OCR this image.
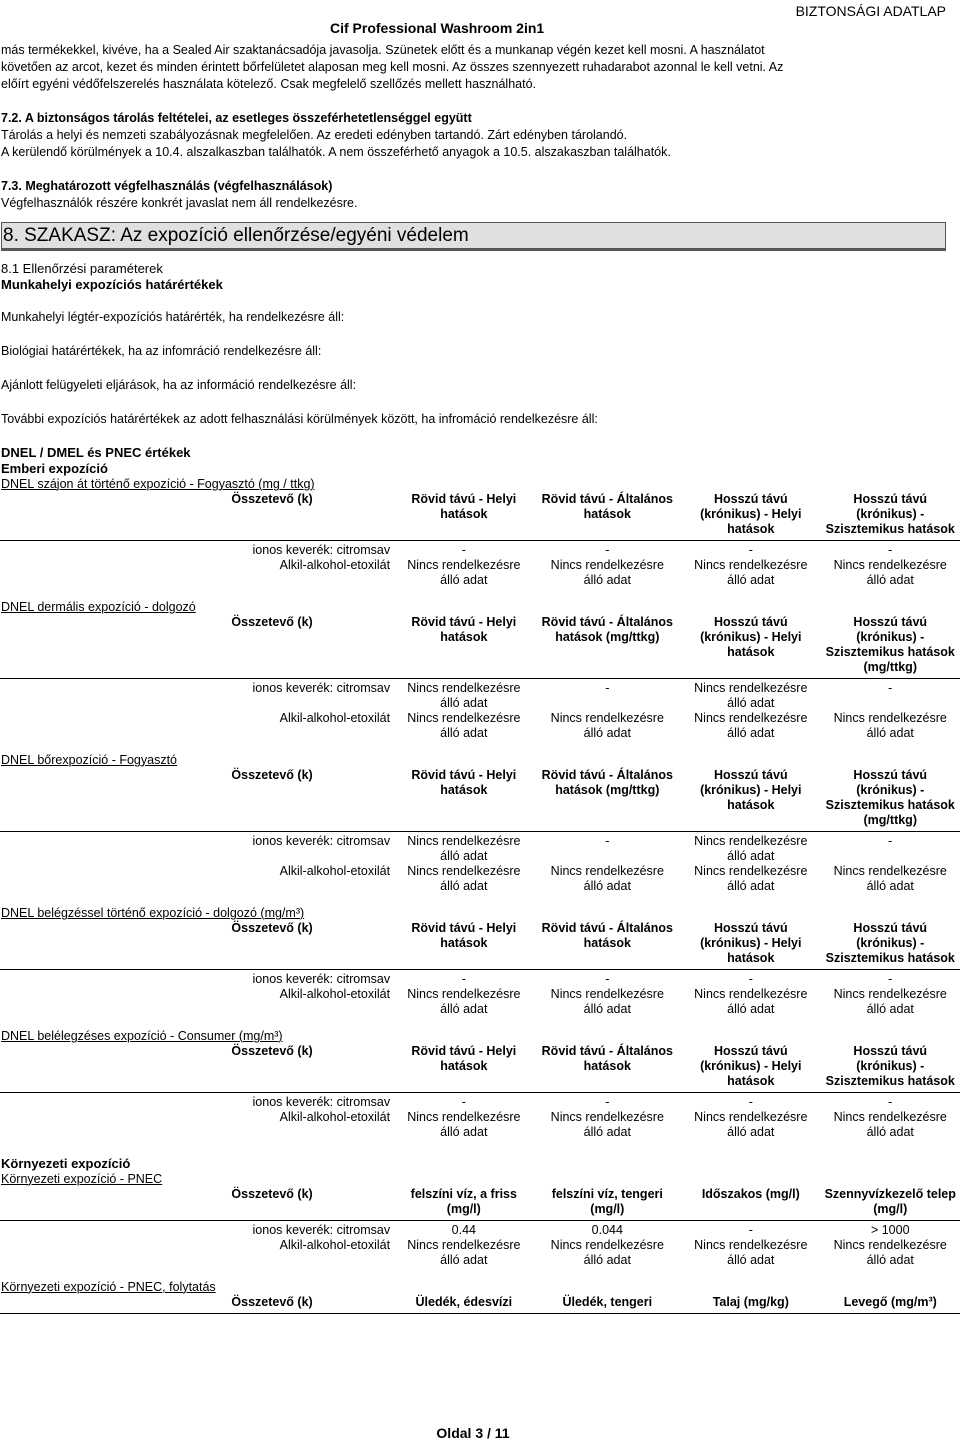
Cif Professional Washroom 2in1
BIZTONSÁGI ADATLAP
más termékekkel, kivéve, ha a Sealed Air szaktanácsadója javasolja. Szünetek előtt és a munkanap végén kezet kell mosni. A használatot
követően az arcot, kezet és minden érintett bőrfelületet alaposan meg kell mosni. Az összes szennyezett ruhadarabot azonnal le kell vetni. Az
előírt egyéni védőfelszerelés használata kötelező. Csak megfelelő szellőzés mellett használható.
7.2. A biztonságos tárolás feltételei, az esetleges összeférhetetlenséggel együtt
Tárolás a helyi és nemzeti szabályozásnak megfelelően. Az eredeti edényben tartandó. Zárt edényben tárolandó.
A kerülendő körülmények a 10.4. alszalkaszban találhatók. A nem összeférhető anyagok a 10.5. alszakaszban találhatók.
7.3. Meghatározott végfelhasználás (végfelhasználások)
Végfelhasználók részére konkrét javaslat nem áll rendelkezésre.
8. SZAKASZ: Az expozíció ellenőrzése/egyéni védelem
8.1 Ellenőrzési paraméterek
Munkahelyi expozíciós határértékek
Munkahelyi légtér-expozíciós határérték, ha rendelkezésre áll:
Biológiai határértékek, ha az infomráció rendelkezésre áll:
Ajánlott felügyeleti eljárások, ha az információ rendelkezésre áll:
További expozíciós határértékek az adott felhasználási körülmények között, ha infromáció rendelkezésre áll:
DNEL / DMEL és PNEC értékek
Emberi expozíció
DNEL szájon át történő expozíció - Fogyasztó (mg / ttkg)
Összetevő (k)	Rövid távú - Helyi
hatások	Rövid távú - Általános
hatások	Hosszú távú
(krónikus) - Helyi
hatások	Hosszú távú
(krónikus) -
Szisztemikus hatások
ionos keverék: citromsav	-	-	-	-
Alkil-alkohol-etoxilát	Nincs rendelkezésre
álló adat	Nincs rendelkezésre
álló adat	Nincs rendelkezésre
álló adat	Nincs rendelkezésre
álló adat
DNEL dermális expozíció - dolgozó
Összetevő (k)	Rövid távú - Helyi
hatások	Rövid távú - Általános
hatások (mg/ttkg)	Hosszú távú
(krónikus) - Helyi
hatások	Hosszú távú
(krónikus) -
Szisztemikus hatások
(mg/ttkg)
ionos keverék: citromsav	Nincs rendelkezésre
álló adat	-	Nincs rendelkezésre
álló adat	-
Alkil-alkohol-etoxilát	Nincs rendelkezésre
álló adat	Nincs rendelkezésre
álló adat	Nincs rendelkezésre
álló adat	Nincs rendelkezésre
álló adat
DNEL bőrexpozíció - Fogyasztó
Összetevő (k)	Rövid távú - Helyi
hatások	Rövid távú - Általános
hatások (mg/ttkg)	Hosszú távú
(krónikus) - Helyi
hatások	Hosszú távú
(krónikus) -
Szisztemikus hatások
(mg/ttkg)
ionos keverék: citromsav	Nincs rendelkezésre
álló adat	-	Nincs rendelkezésre
álló adat	-
Alkil-alkohol-etoxilát	Nincs rendelkezésre
álló adat	Nincs rendelkezésre
álló adat	Nincs rendelkezésre
álló adat	Nincs rendelkezésre
álló adat
DNEL belégzéssel történő expozíció - dolgozó (mg/m³)
Összetevő (k)	Rövid távú - Helyi
hatások	Rövid távú - Általános
hatások	Hosszú távú
(krónikus) - Helyi
hatások	Hosszú távú
(krónikus) -
Szisztemikus hatások
ionos keverék: citromsav	-	-	-	-
Alkil-alkohol-etoxilát	Nincs rendelkezésre
álló adat	Nincs rendelkezésre
álló adat	Nincs rendelkezésre
álló adat	Nincs rendelkezésre
álló adat
DNEL belélegzéses expozíció - Consumer (mg/m³)
Összetevő (k)	Rövid távú - Helyi
hatások	Rövid távú - Általános
hatások	Hosszú távú
(krónikus) - Helyi
hatások	Hosszú távú
(krónikus) -
Szisztemikus hatások
ionos keverék: citromsav	-	-	-	-
Alkil-alkohol-etoxilát	Nincs rendelkezésre
álló adat	Nincs rendelkezésre
álló adat	Nincs rendelkezésre
álló adat	Nincs rendelkezésre
álló adat
Környezeti expozíció
Környezeti expozíció - PNEC
Összetevő (k)	felszíni víz, a friss
(mg/l)	felszíni víz, tengeri
(mg/l)	Időszakos (mg/l)	Szennyvízkezelő telep
(mg/l)
ionos keverék: citromsav	0.44	0.044	-	> 1000
Alkil-alkohol-etoxilát	Nincs rendelkezésre
álló adat	Nincs rendelkezésre
álló adat	Nincs rendelkezésre
álló adat	Nincs rendelkezésre
álló adat
Környezeti expozíció - PNEC, folytatás
Összetevő (k)	Üledék, édesvízi	Üledék, tengeri	Talaj (mg/kg)	Levegő (mg/m³)
Oldal 3 / 11
